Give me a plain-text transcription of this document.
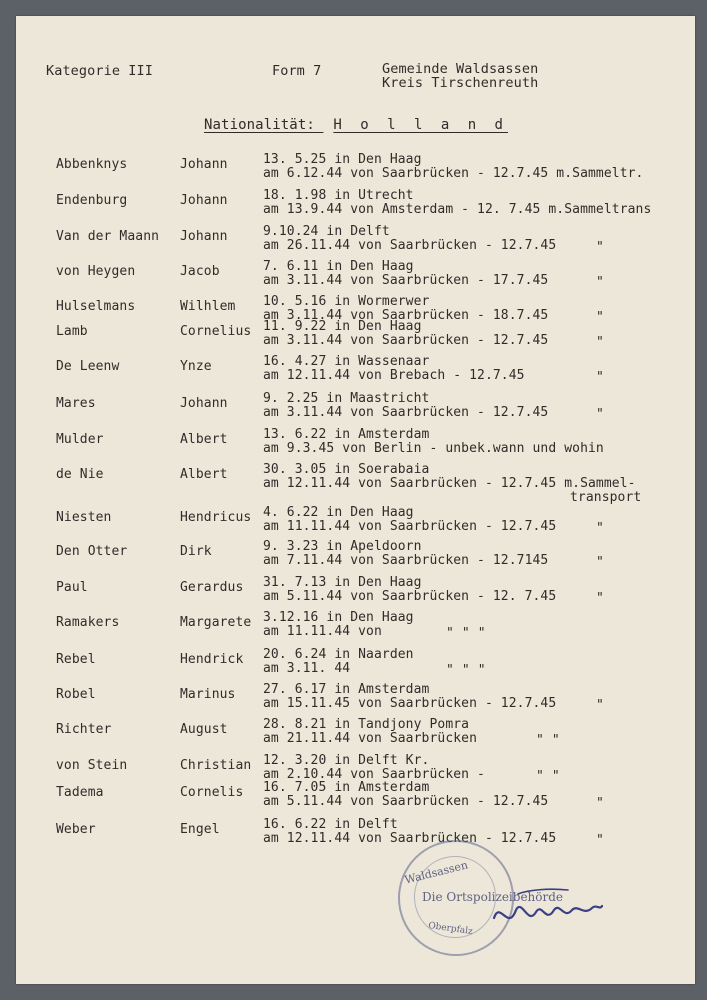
Kategorie III	Form 7	Gemeinde Waldsassen
Kreis Tirschenreuth
Nationalität: H o l l a n d
Abbenknys	Johann	13. 5.25 in Den Haag
am 6.12.44 von Saarbrücken - 12.7.45 m.Sammeltr.
Endenburg	Johann	18. 1.98 in Utrecht
am 13.9.44 von Amsterdam - 12. 7.45 m.Sammeltrans
Van der Maann Johann	9.10.24 in Delft
am 26.11.44 von Saarbrücken - 12.7.45	"
von Heygen	Jacob	7. 6.11 in Den Haag
am 3.11.44 von Saarbrücken - 17.7.45	"
Hulselmans	Wilhlem 10. 5.16 in Wormerwer
am 3.11.44 von Saarbrücken - 18.7.45	"
Lamb	Cornelius 11. 9.22 in Den Haag
am 3.11.44 von Saarbrücken - 12.7.45	"
De Leenw	Ynze	16. 4.27 in Wassenaar
am 12.11.44 von Brebach - 12.7.45	"
Mares	Johann	9. 2.25 in Maastricht
am 3.11.44 von Saarbrücken - 12.7.45	"
Mulder	Albert	13. 6.22 in Amsterdam
am 9.3.45 von Berlin - unbek.wann und wohin
de Nie	Albert	30. 3.05 in Soerabaia
am 12.11.44 von Saarbrücken - 12.7.45 m.Sammel-
transport
Niesten	Hendricus 4. 6.22 in Den Haag
am 11.11.44 von Saarbrücken - 12.7.45	"
Den Otter	Dirk	9. 3.23 in Apeldoorn
am 7.11.44 von Saarbrücken - 12.7145	"
Paul	Gerardus 31. 7.13 in Den Haag
am 5.11.44 von Saarbrücken - 12. 7.45	"
Ramakers	Margarete 3.12.16 in Den Haag
am 11.11.44 von	" " "
Rebel	Hendrick 20. 6.24 in Naarden
am 3.11. 44	" " "
Robel	Marinus 27. 6.17 in Amsterdam
am 15.11.45 von Saarbrücken - 12.7.45	"
Richter	August	28. 8.21 in Tandjony Pomra
am 21.11.44 von Saarbrücken	" "
von Stein	Christian 12. 3.20 in Delft Kr.
am 2.10.44 von Saarbrücken -	" "
Tadema	Cornelis 16. 7.05 in Amsterdam
am 5.11.44 von Saarbrücken - 12.7.45	"
Weber	Engel	16. 6.22 in Delft
am 12.11.44 von Saarbrücken - 12.7.45	"
Waldsassen
Die Ortspolizeibehörde
Oberpfalz
